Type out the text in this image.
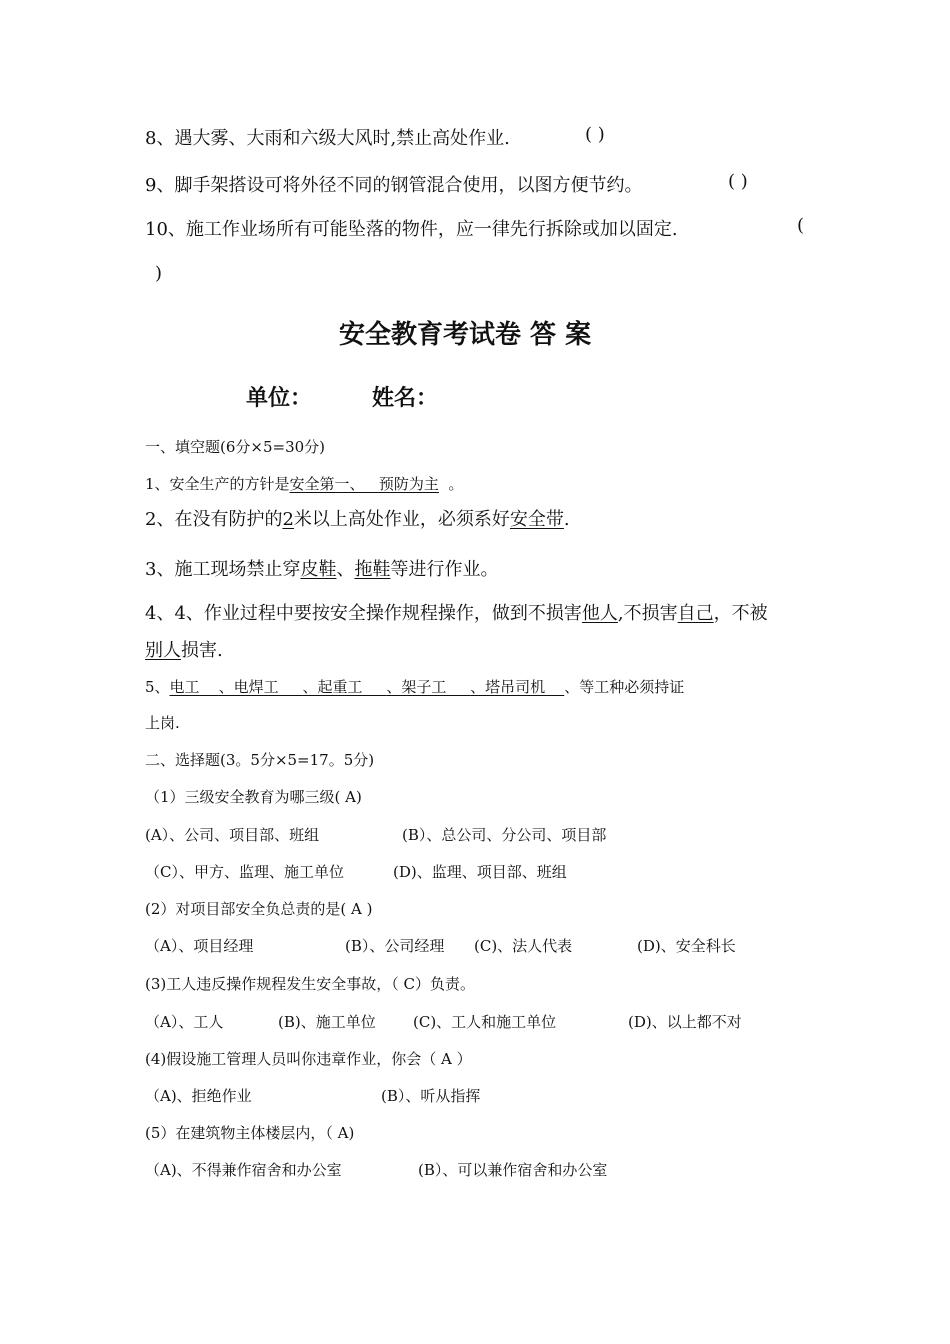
8、遇大雾、大雨和六级大风时,禁止高处作业.	( )
9、脚手架搭设可将外径不同的钢管混合使用，以图方便节约。	( )
10、施工作业场所有可能坠落的物件，应一律先行拆除或加以固定.	(
)
安全教育考试卷 答 案
单位：	姓名：
一、填空题(6分×5=30分)
1、安全生产的方针是安全第一、 预防为主  。
2、在没有防护的2米以上高处作业，必须系好安全带.
3、施工现场禁止穿皮鞋、拖鞋等进行作业。
4、4、作业过程中要按安全操作规程操作，做到不损害他人,不损害自己，不被
别人损害.
5、电工    、电焊工     、起重工     、架子工     、塔吊司机    、等工种必须持证
上岗.
二、选择题(3。5分×5=17。5分)
（1）三级安全教育为哪三级( A)
(A）、公司、项目部、班组	(B）、总公司、分公司、项目部
（C）、甲方、监理、施工单位	(D)、监理、项目部、班组
(2）对项目部安全负总责的是( A )
（A）、项目经理	(B）、公司经理 (C)、法人代表	(D)、安全科长
(3)工人违反操作规程发生安全事故，（ C）负责。
（A）、工人	(B)、施工单位 (C)、工人和施工单位	(D)、以上都不对
(4)假设施工管理人员叫你违章作业，你会（ A ）
（A)、拒绝作业	(B）、听从指挥
(5）在建筑物主体楼层内，（ A)
（A)、不得兼作宿舍和办公室	(B）、可以兼作宿舍和办公室
